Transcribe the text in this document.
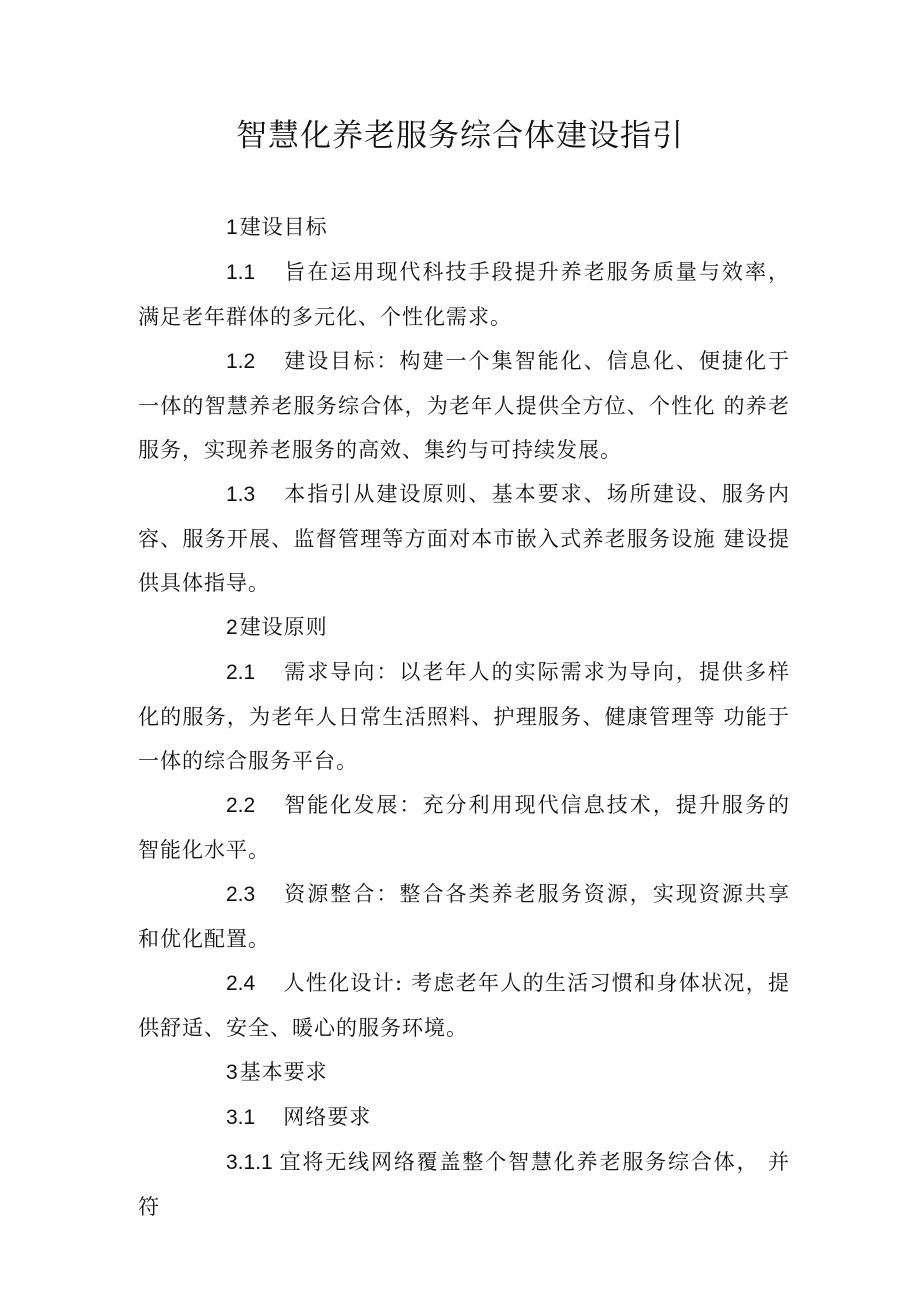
智慧化养老服务综合体建设指引

1建设目标

1.1 旨在运用现代科技手段提升养老服务质量与效率， 满足老年群体的多元化、个性化需求。

1.2 建设目标：构建一个集智能化、信息化、便捷化于 一体的智慧养老服务综合体，为老年人提供全方位、个性化 的养老服务，实现养老服务的高效、集约与可持续发展。

1.3 本指引从建设原则、基本要求、场所建设、服务内 容、服务开展、监督管理等方面对本市嵌入式养老服务设施 建设提供具体指导。

2建设原则

2.1 需求导向：以老年人的实际需求为导向，提供多样 化的服务，为老年人日常生活照料、护理服务、健康管理等 功能于一体的综合服务平台。

2.2 智能化发展：充分利用现代信息技术，提升服务的 智能化水平。

2.3 资源整合：整合各类养老服务资源，实现资源共享 和优化配置。

2.4 人性化设计: 考虑老年人的生活习惯和身体状况，提供舒适、安全、暖心的服务环境。

3基本要求

3.1 网络要求

3.1.1 宜将无线网络覆盖整个智慧化养老服务综合体， 并符
